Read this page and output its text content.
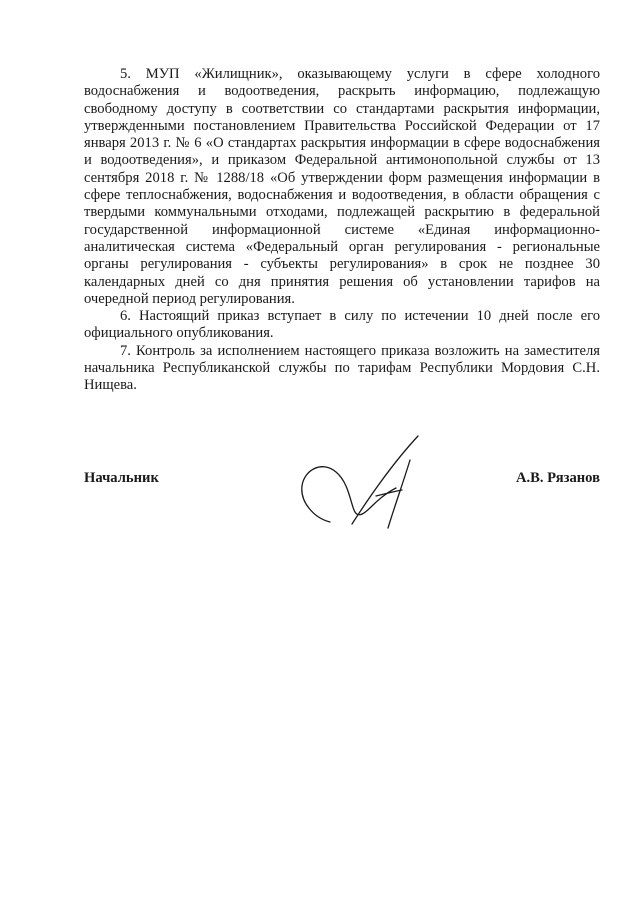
5. МУП «Жилищник», оказывающему услуги в сфере холодного водоснабжения и водоотведения, раскрыть информацию, подлежащую свободному доступу в соответствии со стандартами раскрытия информации, утвержденными постановлением Правительства Российской Федерации от 17 января 2013 г. № 6 «О стандартах раскрытия информации в сфере водоснабжения и водоотведения», и приказом Федеральной антимонопольной службы от 13 сентября 2018 г. № 1288/18 «Об утверждении форм размещения информации в сфере теплоснабжения, водоснабжения и водоотведения, в области обращения с твердыми коммунальными отходами, подлежащей раскрытию в федеральной государственной информационной системе «Единая информационно-аналитическая система «Федеральный орган регулирования - региональные органы регулирования - субъекты регулирования» в срок не позднее 30 календарных дней со дня принятия решения об установлении тарифов на очередной период регулирования.

6. Настоящий приказ вступает в силу по истечении 10 дней после его официального опубликования.

7. Контроль за исполнением настоящего приказа возложить на заместителя начальника Республиканской службы по тарифам Республики Мордовия С.Н. Нищева.

Начальник	А.В. Рязанов
